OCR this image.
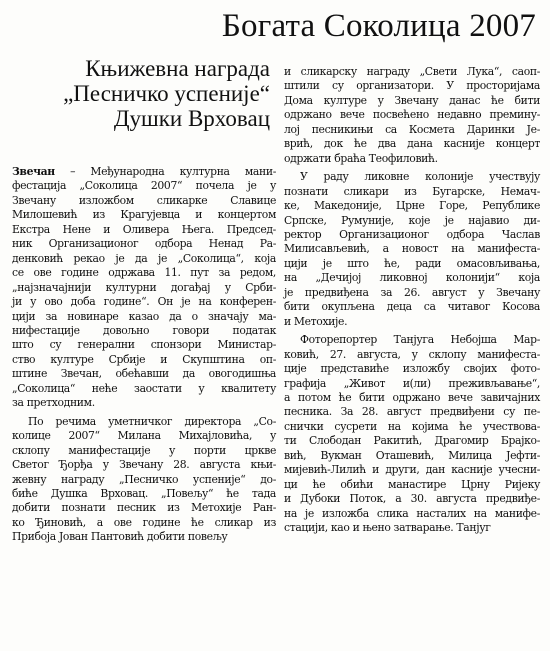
Богата Соколица 2007
Књижевна награда
„Песничко успеније“
Душки Врховац

Звечан – Међународна културна мани-
фестација „Соколица 2007“ почела је у
Звечану изложбом сликарке Славице
Милошевић из Крагујевца и концертом
Екстра Нене и Оливера Њега. Председ-
ник Организационог одбора Ненад Ра-
денковић рекао је да је „Соколица“, која
се ове године одржава 11. пут за редом,
„најзначајнији културни догађај у Срби-
ји у ово доба године“. Он је на конферен-
цији за новинаре казао да о значају ма-
нифестације довољно говори податак
што су генерални спонзори Министар-
ство културе Србије и Скупштина оп-
штине Звечан, обећавши да овогодишња
„Соколица“ неће заостати у квалитету
за претходним.

По речима уметничког директора „Со-
колице 2007“ Милана Михајловића, у
склопу манифестације у порти цркве
Светог Ђорђа у Звечану 28. августа књи-
жевну награду „Песничко успеније“ до-
биће Душка Врховац. „Повељу“ ће тада
добити познати песник из Метохије Ран-
ко Ђиновић, а ове године ће сликар из
Прибоја Јован Пантовић добити повељу

и сликарску награду „Свети Лука“, саоп-
штили су организатори. У просторијама
Дома културе у Звечану данас ће бити
одржано вече посвећено недавно премину-
лој песникињи са Космета Даринки Је-
врић, док ће два дана касније концерт
одржати браћа Теофиловић.

У раду ликовне колоније учествују
познати сликари из Бугарске, Немач-
ке, Македоније, Црне Горе, Републике
Српске, Румуније, које је најавио ди-
ректор Организационог одбора Часлав
Милисављевић, а новост на манифеста-
цији је што ће, ради омасовљивања,
на „Дечијој ликовној колонији“ која
је предвиђена за 26. август у Звечану
бити окупљена деца са читавог Косова
и Метохије.

Фоторепортер Танјуга Небојша Мар-
ковић, 27. августа, у склопу манифеста-
ције представиће изложбу својих фото-
графија „Живот и(ли) преживљавање“,
а потом ће бити одржано вече завичајних
песника. За 28. август предвиђени су пе-
снички сусрети на којима ће учествова-
ти Слободан Ракитић, Драгомир Брајко-
вић, Вукман Оташевић, Милица Јефти-
мијевић-Лилић и други, дан касније учесни-
ци ће обићи манастире Црну Ријеку
и Дубоки Поток, а 30. августа предвиђе-
на је изложба слика насталих на манифе-
стацији, као и њено затварање. Танјуг
